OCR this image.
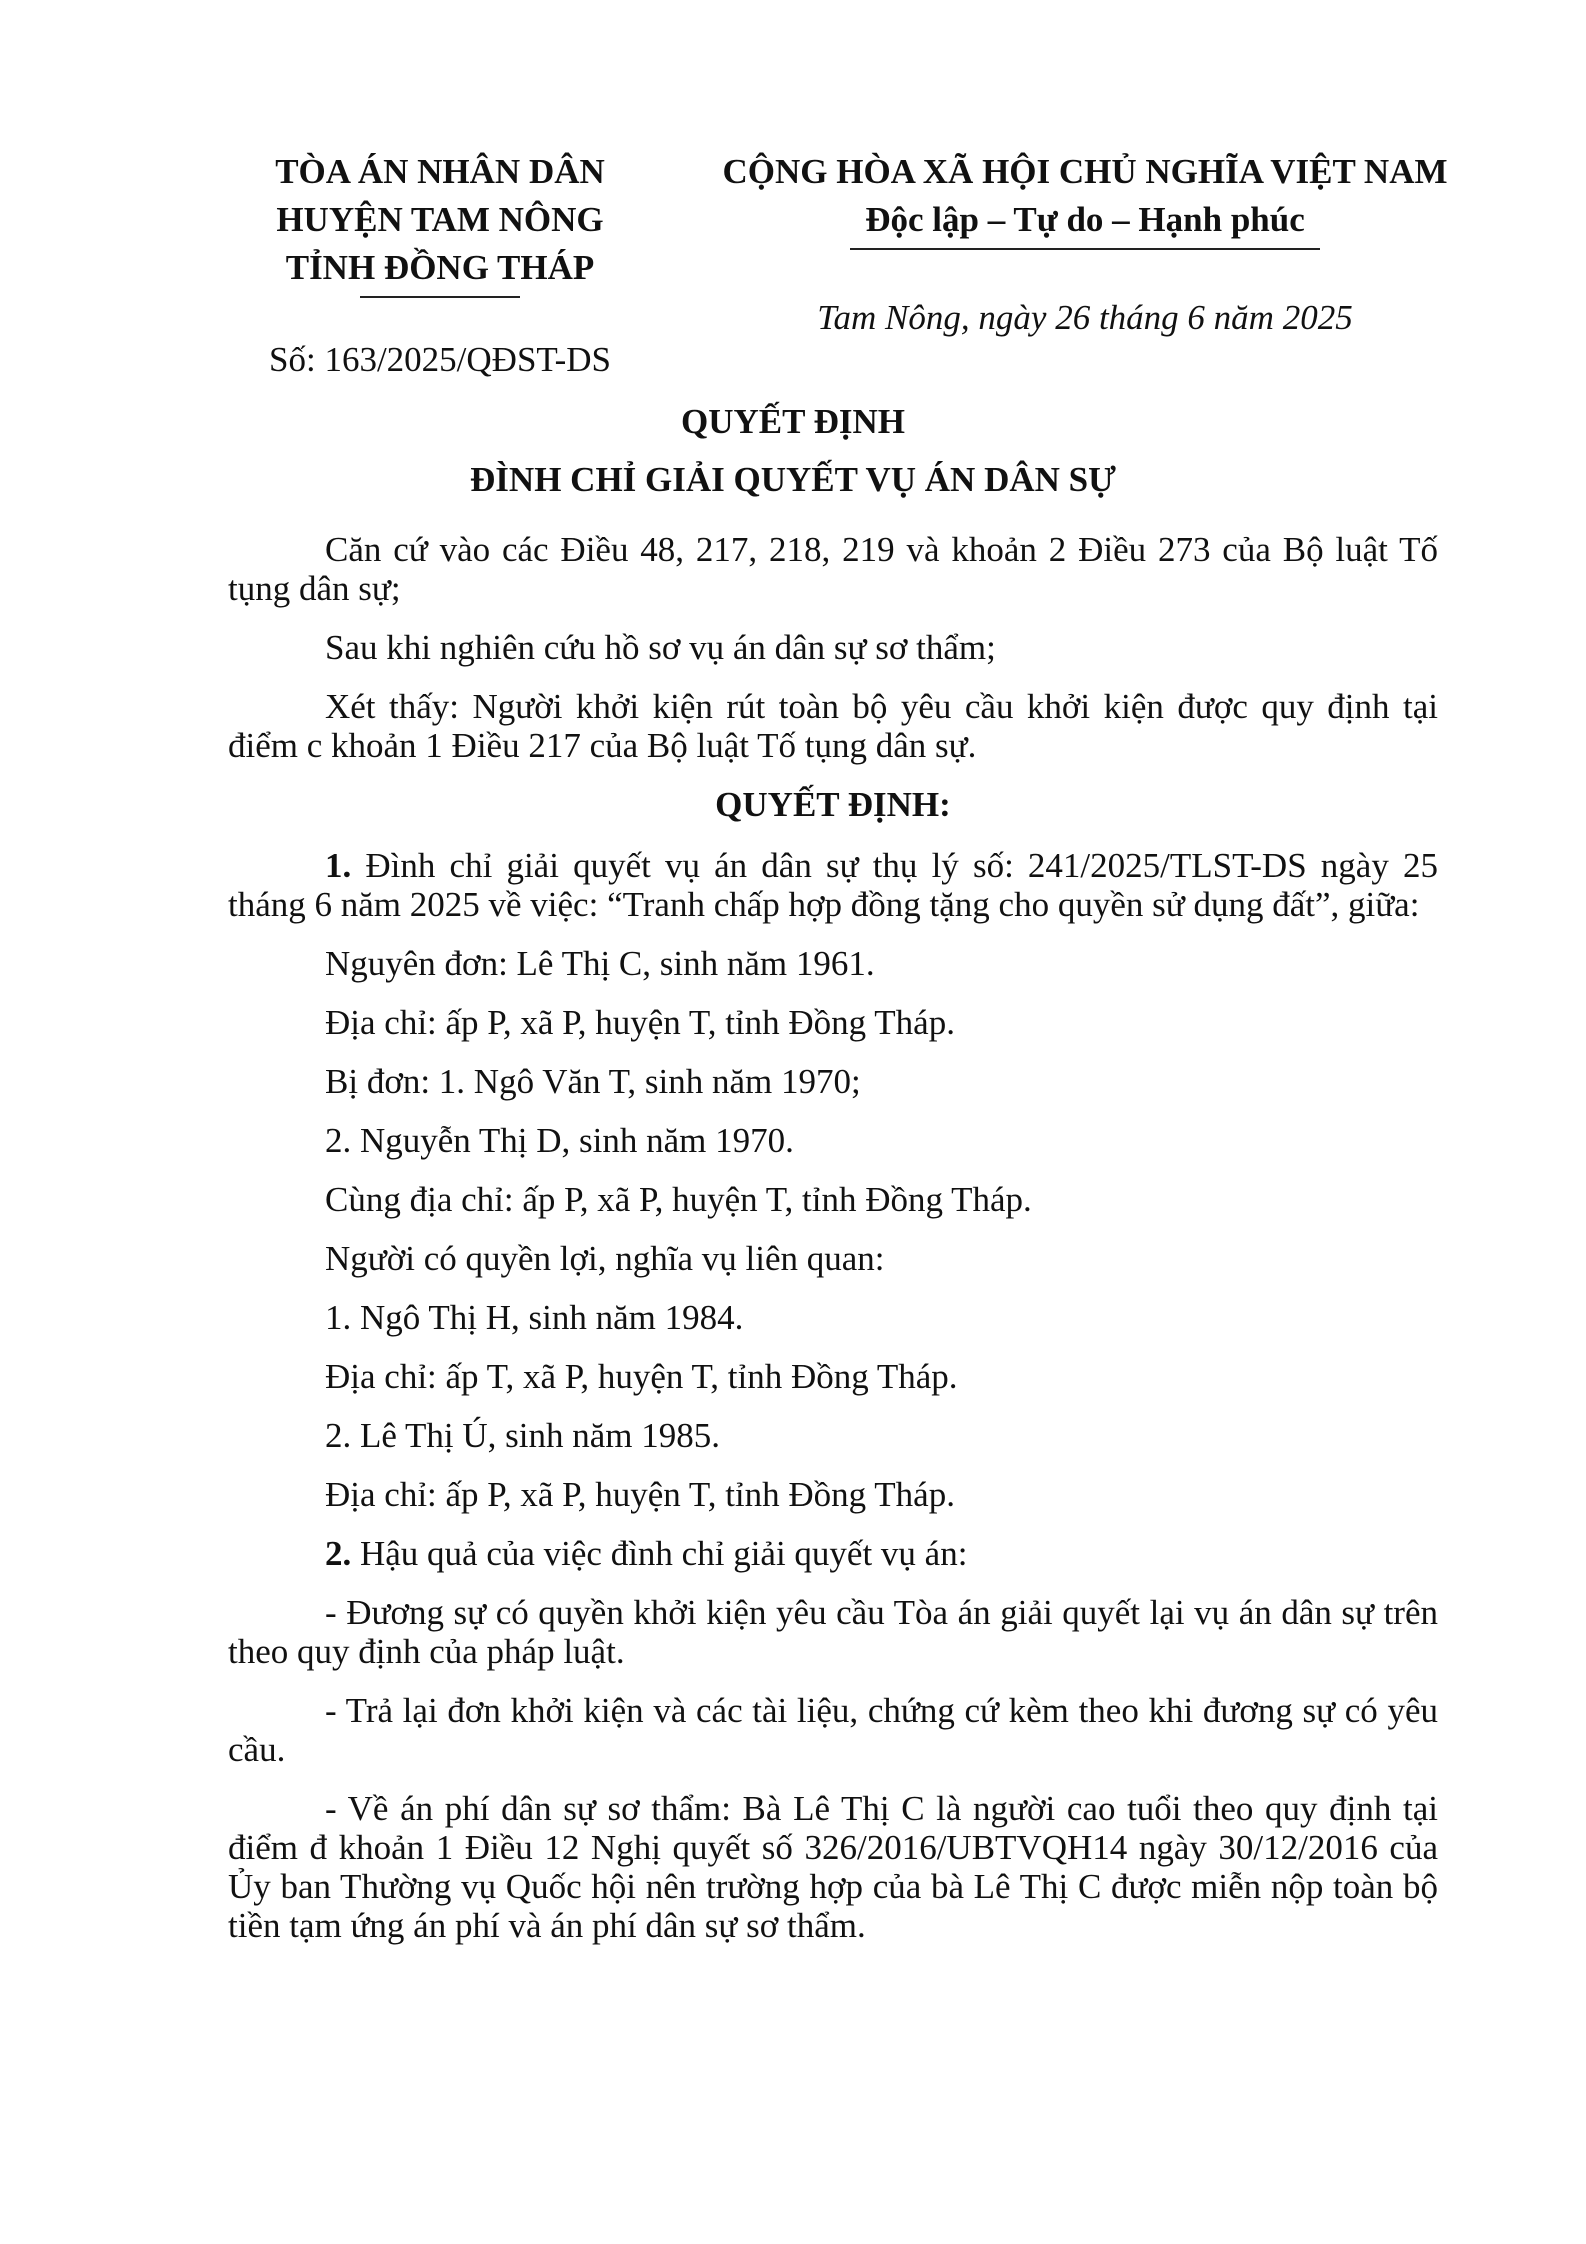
TÒA ÁN NHÂN DÂN
HUYỆN TAM NÔNG
TỈNH ĐỒNG THÁP
Số: 163/2025/QĐST-DS
CỘNG HÒA XÃ HỘI CHỦ NGHĨA VIỆT NAM
Độc lập – Tự do – Hạnh phúc
Tam Nông, ngày 26 tháng 6 năm 2025
QUYẾT ĐỊNH
ĐÌNH CHỈ GIẢI QUYẾT VỤ ÁN DÂN SỰ

Căn cứ vào các Điều 48, 217, 218, 219 và khoản 2 Điều 273 của Bộ luật Tố tụng dân sự;

Sau khi nghiên cứu hồ sơ vụ án dân sự sơ thẩm;

Xét thấy: Người khởi kiện rút toàn bộ yêu cầu khởi kiện được quy định tại điểm c khoản 1 Điều 217 của Bộ luật Tố tụng dân sự.

QUYẾT ĐỊNH:

1. Đình chỉ giải quyết vụ án dân sự thụ lý số: 241/2025/TLST-DS ngày 25 tháng 6 năm 2025 về việc: “Tranh chấp hợp đồng tặng cho quyền sử dụng đất”, giữa:

Nguyên đơn: Lê Thị C, sinh năm 1961.

Địa chỉ: ấp P, xã P, huyện T, tỉnh Đồng Tháp.

Bị đơn: 1. Ngô Văn T, sinh năm 1970;

2. Nguyễn Thị D, sinh năm 1970.

Cùng địa chỉ: ấp P, xã P, huyện T, tỉnh Đồng Tháp.

Người có quyền lợi, nghĩa vụ liên quan:

1. Ngô Thị H, sinh năm 1984.

Địa chỉ: ấp T, xã P, huyện T, tỉnh Đồng Tháp.

2. Lê Thị Ú, sinh năm 1985.

Địa chỉ: ấp P, xã P, huyện T, tỉnh Đồng Tháp.

2. Hậu quả của việc đình chỉ giải quyết vụ án:

- Đương sự có quyền khởi kiện yêu cầu Tòa án giải quyết lại vụ án dân sự trên theo quy định của pháp luật.

- Trả lại đơn khởi kiện và các tài liệu, chứng cứ kèm theo khi đương sự có yêu cầu.

- Về án phí dân sự sơ thẩm: Bà Lê Thị C là người cao tuổi theo quy định tại điểm đ khoản 1 Điều 12 Nghị quyết số 326/2016/UBTVQH14 ngày 30/12/2016 của Ủy ban Thường vụ Quốc hội nên trường hợp của bà Lê Thị C được miễn nộp toàn bộ tiền tạm ứng án phí và án phí dân sự sơ thẩm.
